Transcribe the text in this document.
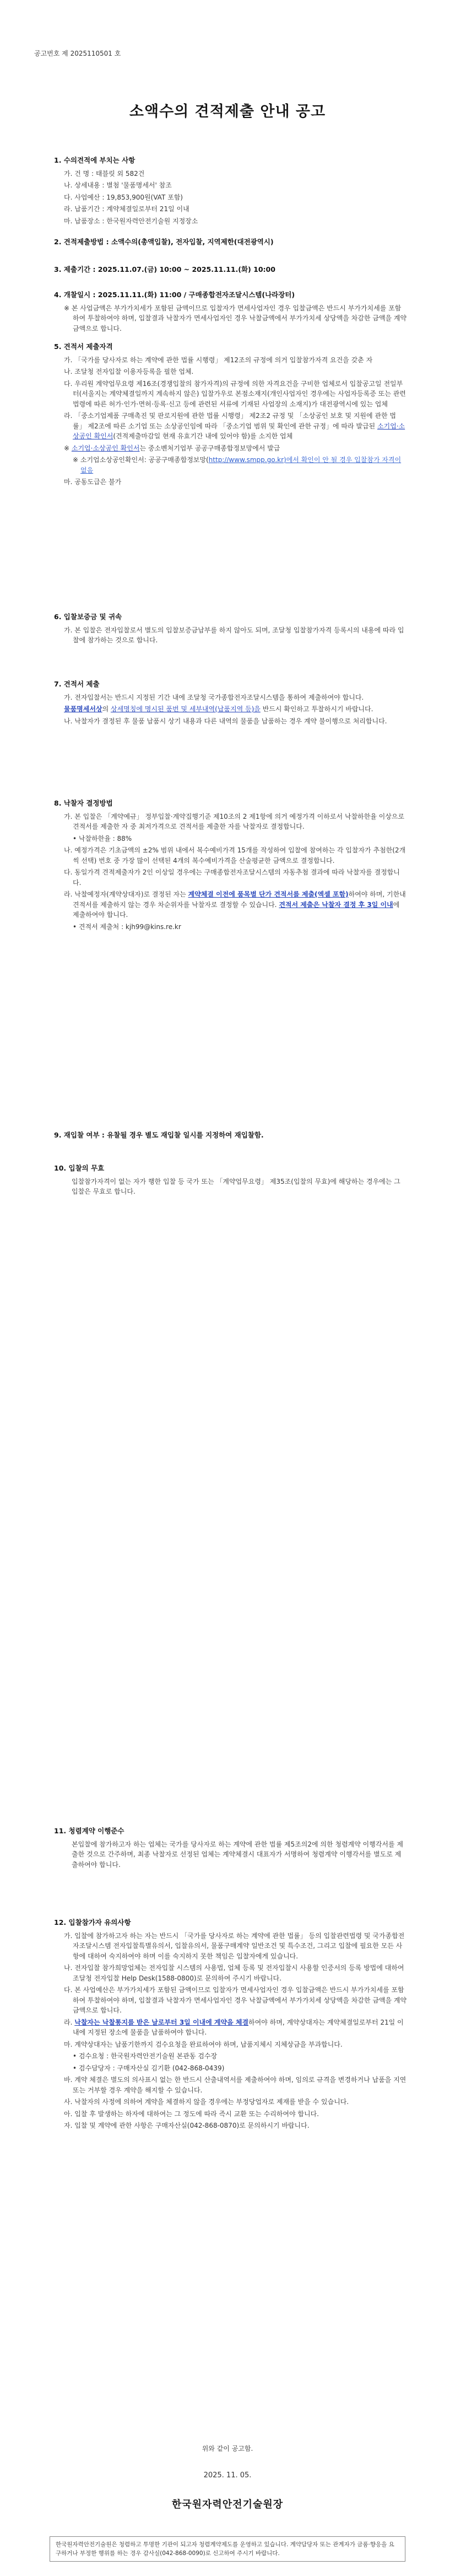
공고번호 제 2025110501 호
소액수의 견적제출 안내 공고
1. 수의견적에 부치는 사항
가. 건 명 : 태블릿 외 582건
나. 상세내용 : 별첨 '물품명세서' 참조
다. 사업예산 : 19,853,900원(VAT 포함)
라. 납품기간 : 계약체결일로부터 21일 이내
마. 납품장소 : 한국원자력안전기술원 지정장소
2. 견적제출방법 : 소액수의(총액입찰), 전자입찰, 지역제한(대전광역시)
3. 제출기간 : 2025.11.07.(금) 10:00 ~ 2025.11.11.(화) 10:00
4. 개찰일시 : 2025.11.11.(화) 11:00 / 구매종합전자조달시스템(나라장터)
※ 본 사업금액은 부가가치세가 포함된 금액이므로 입찰자가 면세사업자인 경우 입찰금액은 반드시 부가가치세를 포함하여 투찰하여야 하며, 입찰결과 낙찰자가 면세사업자인 경우 낙찰금액에서 부가가치세 상당액을 차감한 금액을 계약금액으로 합니다.
5. 견적서 제출자격
가. 「국가를 당사자로 하는 계약에 관한 법률 시행령」 제12조의 규정에 의거 입찰참가자격 요건을 갖춘 자
나. 조달청 전자입찰 이용자등록을 필한 업체.
다. 우리원 계약업무요령 제16조(경쟁입찰의 참가자격)의 규정에 의한 자격요건을 구비한 업체로서 입찰공고일 전일부터(서울지는 계약체결일까지 계속하지 않은) 입찰가우로 본점소재지(개인사업자인 경우에는 사업자등록증 또는 관련 법령에 따른 허가·인가·면허·등록·신고 등에 관련된 서류에 기재된 사업장의 소재지)가 대전광역시에 있는 업체
라. 「중소기업제품 구매촉진 및 판로지원에 관한 법률 시행령」 제2조2 규정 및 「소상공인 보호 및 지원에 관한 법률」 제2조에 따른 소기업 또는 소상공인임에 따라 「중소기업 범위 및 확인에 관한 규정」에 따라 발급된 소기업·소상공인 확인서(견적제출마감일 현재 유효기간 내에 있어야 함)를 소지한 업체
※ 소기업·소상공인 확인서는 중소벤처기업부 공공구매종합정보망에서 발급
※ 소기업소상공인확인서: 공공구매종합정보망(http://www.smpp.go.kr)에서 확인이 안 될 경우 입찰참가 자격이 없음
마. 공동도급은 불가
6. 입찰보증금 및 귀속
가. 본 입찰은 전자입찰로서 별도의 입찰보증금납부를 하지 않아도 되며, 조달청 입찰참가자격 등록시의 내용에 따라 입찰에 참가하는 것으로 합니다.
7. 견적서 제출
가. 전자입찰서는 반드시 지정된 기간 내에 조달청 국가종합전자조달시스템을 통하여 제출하여야 합니다.
물품명세서상의 상세명칭에 명시된 품번 및 세부내역(납품지역 등)을 반드시 확인하고 투찰하시기 바랍니다.
나. 낙찰자가 결정된 후 물품 납품시 상기 내용과 다른 내역의 물품을 납품하는 경우 계약 불이행으로 처리합니다.
8. 낙찰자 결정방법
가. 본 입찰은 「계약예규」 정부입찰·계약집행기준 제10조의 2 제1항에 의거 예정가격 이하로서 낙찰하한율 이상으로 견적서를 제출한 자 중 최저가격으로 견적서를 제출한 자를 낙찰자로 결정합니다.
• 낙찰하한율 : 88%
나. 예정가격은 기초금액의 ±2% 범위 내에서 복수예비가격 15개를 작성하여 입찰에 참여하는 각 입찰자가 추첨한(2개씩 선택) 번호 중 가장 많이 선택된 4개의 복수예비가격을 산술평균한 금액으로 결정합니다.
다. 동일가격 견적제출자가 2인 이상일 경우에는 구매종합전자조달시스템의 자동추첨 결과에 따라 낙찰자를 결정합니다.
라. 낙찰예정자(계약상대자)로 결정된 자는 계약체결 이전에 품목별 단가 견적서를 제출(엑셀 포함)하여야 하며, 기한내 견적서를 제출하지 않는 경우 차순위자를 낙찰자로 결정할 수 있습니다. 견적서 제출은 낙찰자 결정 후 3일 이내에 제출하여야 합니다.
• 견적서 제출처 : kjh99@kins.re.kr
9. 재입찰 여부 : 유찰될 경우 별도 재입찰 일시를 지정하여 재입찰함.
10. 입찰의 무효
입찰참가자격이 없는 자가 행한 입찰 등 국가 또는 「계약업무요령」 제35조(입찰의 무효)에 해당하는 경우에는 그 입찰은 무효로 합니다.
11. 청렴계약 이행준수
본입찰에 참가하고자 하는 업체는 국가를 당사자로 하는 계약에 관한 법률 제5조의2에 의한 청렴계약 이행각서를 제출한 것으로 간주하며, 최종 낙찰자로 선정된 업체는 계약체결시 대표자가 서명하여 청렴계약 이행각서를 별도로 제출하여야 합니다.
12. 입찰참가자 유의사항
가. 입찰에 참가하고자 하는 자는 반드시 「국가를 당사자로 하는 계약에 관한 법률」 등의 입찰관련법령 및 국가종합전자조달시스템 전자입찰특별유의서, 입찰유의서, 물품구매계약 일반조건 및 특수조건, 그리고 입찰에 필요한 모든 사항에 대하여 숙지하여야 하며 이를 숙지하지 못한 책임은 입찰자에게 있습니다.
나. 전자입찰 참가희망업체는 전자입찰 시스템의 사용법, 업체 등록 및 전자입찰시 사용할 인증서의 등록 방법에 대하여 조달청 전자입찰 Help Desk(1588-0800)로 문의하여 주시기 바랍니다.
다. 본 사업예산은 부가가치세가 포함된 금액이므로 입찰자가 면세사업자인 경우 입찰금액은 반드시 부가가치세를 포함하여 투찰하여야 하며, 입찰결과 낙찰자가 면세사업자인 경우 낙찰금액에서 부가가치세 상당액을 차감한 금액을 계약금액으로 합니다.
라. 낙찰자는 낙찰통지를 받은 날로부터 3일 이내에 계약을 체결하여야 하며, 계약상대자는 계약체결일로부터 21일 이내에 지정된 장소에 물품을 납품하여야 합니다.
마. 계약상대자는 납품기한까지 검수요청을 완료하여야 하며, 납품지체시 지체상금을 부과합니다.
• 검수요청 : 한국원자력안전기술원 본관동 검수장
• 검수담당자 : 구매자산실 김기환 (042-868-0439)
바. 계약 체결은 별도의 의사표시 없는 한 반드시 산출내역서를 제출하여야 하며, 임의로 규격을 변경하거나 납품을 지연 또는 거부할 경우 계약을 해지할 수 있습니다.
사. 낙찰자의 사정에 의하여 계약을 체결하지 않을 경우에는 부정당업자로 제재를 받을 수 있습니다.
아. 입찰 후 발생하는 하자에 대하여는 그 정도에 따라 즉시 교환 또는 수리하여야 합니다.
자. 입찰 및 계약에 관한 사항은 구매자산실(042-868-0870)로 문의하시기 바랍니다.
위와 같이 공고함.
2025. 11. 05.
한국원자력안전기술원장
한국원자력안전기술원은 청렴하고 투명한 기관이 되고자 청렴계약제도를 운영하고 있습니다. 계약담당자 또는 관계자가 금품·향응을 요구하거나 부정한 행위를 하는 경우 감사실(042-868-0090)로 신고하여 주시기 바랍니다.
